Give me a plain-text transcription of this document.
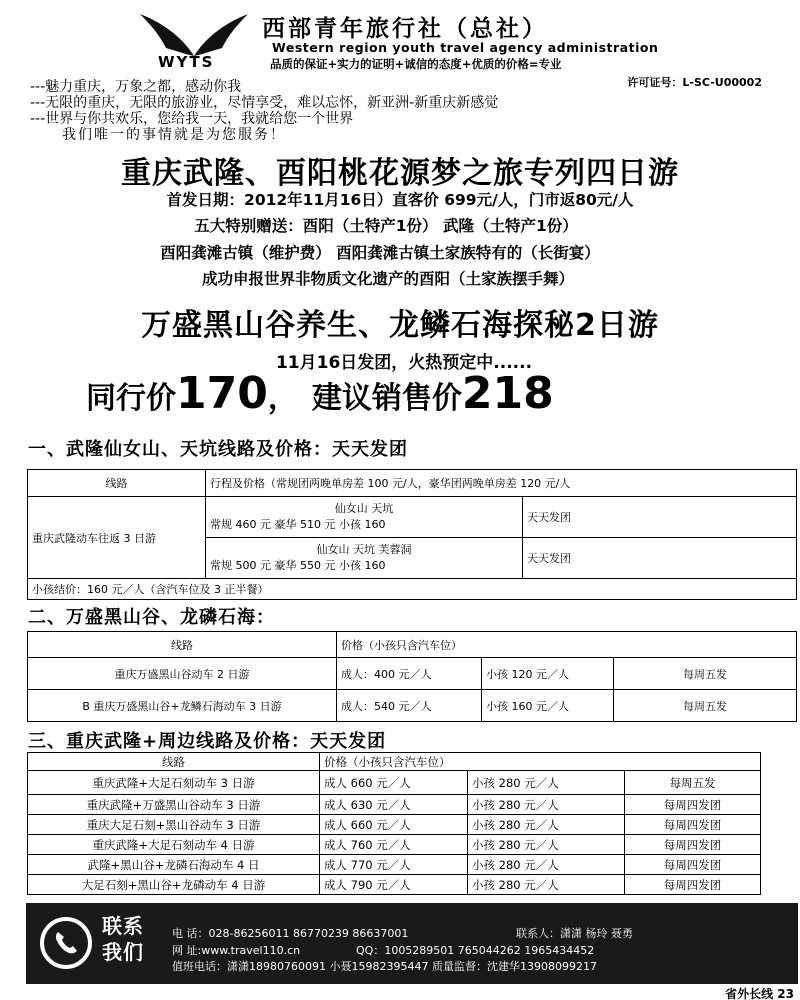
WYTS
西部青年旅行社（总社）
Western region youth travel agency administration
品质的保证+实力的证明+诚信的态度+优质的价格=专业
许可证号：L-SC-U00002
---魅力重庆，万象之都，感动你我
---无限的重庆，无限的旅游业，尽情享受，难以忘怀，新亚洲-新重庆新感觉
---世界与你共欢乐，您给我一天，我就给您一个世界
我们唯一的事情就是为您服务！
重庆武隆、酉阳桃花源梦之旅专列四日游
首发日期：2012年11月16日）直客价 699元/人，门市返80元/人
五大特别赠送：酉阳（土特产1份） 武隆（土特产1份）
酉阳龚滩古镇（维护费） 酉阳龚滩古镇土家族特有的（长街宴）
成功申报世界非物质文化遗产的酉阳（土家族摆手舞）
万盛黑山谷养生、龙鳞石海探秘2日游
11月16日发团，火热预定中......
同行价170， 建议销售价218
一、武隆仙女山、天坑线路及价格：天天发团
线路	行程及价格（常规团两晚单房差 100 元/人，豪华团两晚单房差 120 元/人	
重庆武隆动车往返 3 日游	仙女山 天坑
常规 460 元 豪华 510 元 小孩 160	天天发团

	仙女山 天坑 芙蓉洞
常规 500 元 豪华 550 元 小孩 160	天天发团
小孩结价：160 元／人（含汽车位及 3 正半餐）		
二、万盛黑山谷、龙磷石海：
线路	价格（小孩只含汽车位）		
重庆万盛黑山谷动车 2 日游	成人：400 元／人	小孩 120 元／人	每周五发
B 重庆万盛黑山谷+龙鳞石海动车 3 日游	成人：540 元／人	小孩 160 元／人	每周五发
三、重庆武隆+周边线路及价格：天天发团
线路	价格（小孩只含汽车位）		
重庆武隆+大足石刻动车 3 日游	成人 660 元／人	小孩 280 元／人	每周五发
重庆武隆+万盛黑山谷动车 3 日游	成人 630 元／人	小孩 280 元／人	每周四发团
重庆大足石刻+黑山谷动车 3 日游	成人 660 元／人	小孩 280 元／人	每周四发团
重庆武隆+大足石刻动车 4 日游	成人 760 元／人	小孩 280 元／人	每周四发团
武隆+黑山谷+龙磷石海动车 4 日	成人 770 元／人	小孩 280 元／人	每周四发团
大足石刻+黑山谷+龙磷动车 4 日游	成人 790 元／人	小孩 280 元／人	每周四发团
联系
我们
电 话：028-86256011 86770239 86637001	联系人：潇潇 杨玲 聂勇
网 址:www.travel110.cn	QQ：1005289501 765044262 1965434452
值班电话：潇潇18980760091 小聂15982395447 质量监督：沈建华13908099217
省外长线 23
